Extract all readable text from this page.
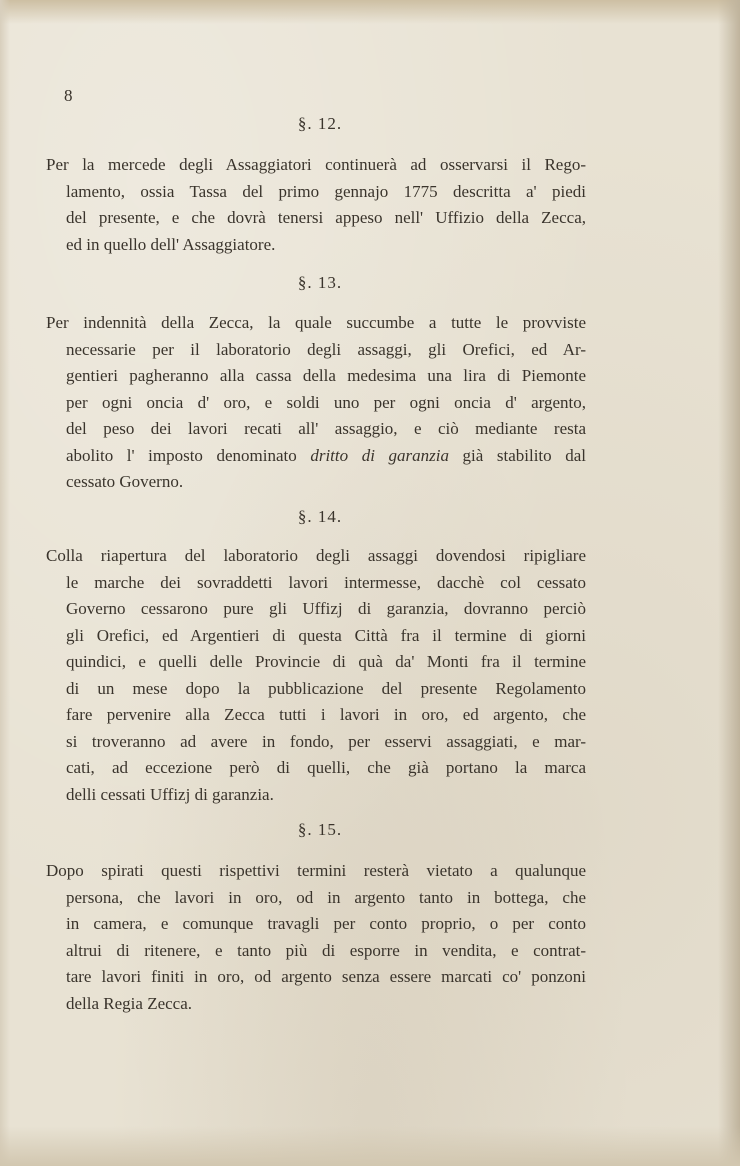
8
§. 12.
Per la mercede degli Assaggiatori continuerà ad osservarsi il Rego-
lamento, ossia Tassa del primo gennajo 1775 descritta a' piedi
del presente, e che dovrà tenersi appeso nell' Uffizio della Zecca,
ed in quello dell' Assaggiatore.
§. 13.
Per indennità della Zecca, la quale succumbe a tutte le provviste
necessarie per il laboratorio degli assaggi, gli Orefici, ed Ar-
gentieri pagheranno alla cassa della medesima una lira di Piemonte
per ogni oncia d' oro, e soldi uno per ogni oncia d' argento,
del peso dei lavori recati all' assaggio, e ciò mediante resta
abolito l' imposto denominato dritto di garanzia già stabilito dal
cessato Governo.
§. 14.
Colla riapertura del laboratorio degli assaggi dovendosi ripigliare
le marche dei sovraddetti lavori intermesse, dacchè col cessato
Governo cessarono pure gli Uffizj di garanzia, dovranno perciò
gli Orefici, ed Argentieri di questa Città fra il termine di giorni
quindici, e quelli delle Provincie di quà da' Monti fra il termine
di un mese dopo la pubblicazione del presente Regolamento
fare pervenire alla Zecca tutti i lavori in oro, ed argento, che
si troveranno ad avere in fondo, per esservi assaggiati, e mar-
cati, ad eccezione però di quelli, che già portano la marca
delli cessati Uffizj di garanzia.
§. 15.
Dopo spirati questi rispettivi termini resterà vietato a qualunque
persona, che lavori in oro, od in argento tanto in bottega, che
in camera, e comunque travagli per conto proprio, o per conto
altrui di ritenere, e tanto più di esporre in vendita, e contrat-
tare lavori finiti in oro, od argento senza essere marcati co' ponzoni
della Regia Zecca.
